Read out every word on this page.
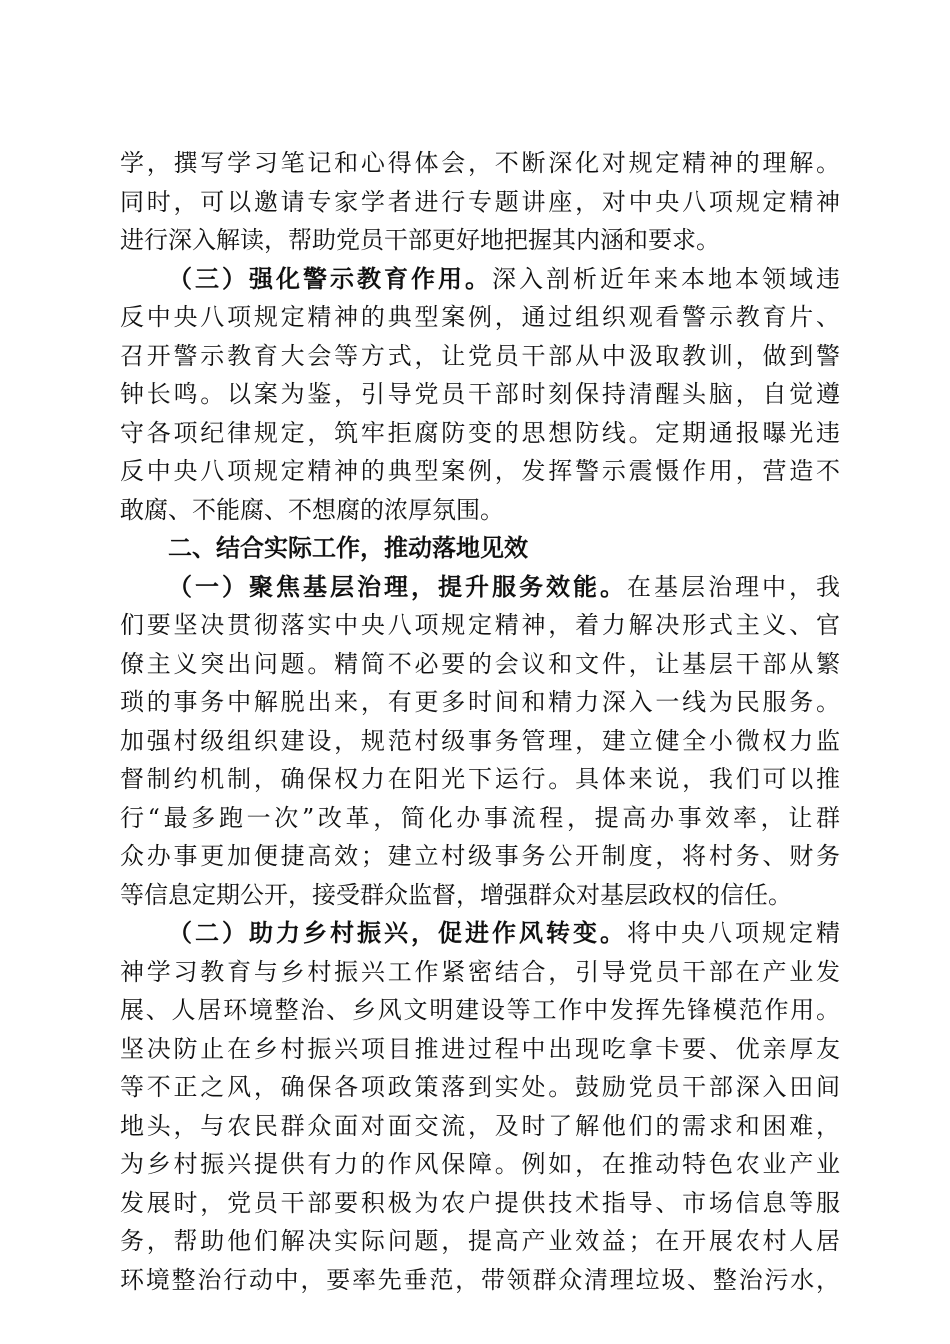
学，撰写学习笔记和心得体会，不断深化对规定精神的理解。
同时，可以邀请专家学者进行专题讲座，对中央八项规定精神
进行深入解读，帮助党员干部更好地把握其内涵和要求。
（三）强化警示教育作用。深入剖析近年来本地本领域违
反中央八项规定精神的典型案例，通过组织观看警示教育片、
召开警示教育大会等方式，让党员干部从中汲取教训，做到警
钟长鸣。以案为鉴，引导党员干部时刻保持清醒头脑，自觉遵
守各项纪律规定，筑牢拒腐防变的思想防线。定期通报曝光违
反中央八项规定精神的典型案例，发挥警示震慑作用，营造不
敢腐、不能腐、不想腐的浓厚氛围。
二、结合实际工作，推动落地见效
（一）聚焦基层治理，提升服务效能。在基层治理中，我
们要坚决贯彻落实中央八项规定精神，着力解决形式主义、官
僚主义突出问题。精简不必要的会议和文件，让基层干部从繁
琐的事务中解脱出来，有更多时间和精力深入一线为民服务。
加强村级组织建设，规范村级事务管理，建立健全小微权力监
督制约机制，确保权力在阳光下运行。具体来说，我们可以推
行“最多跑一次”改革，简化办事流程，提高办事效率，让群
众办事更加便捷高效；建立村级事务公开制度，将村务、财务
等信息定期公开，接受群众监督，增强群众对基层政权的信任。
（二）助力乡村振兴，促进作风转变。将中央八项规定精
神学习教育与乡村振兴工作紧密结合，引导党员干部在产业发
展、人居环境整治、乡风文明建设等工作中发挥先锋模范作用。
坚决防止在乡村振兴项目推进过程中出现吃拿卡要、优亲厚友
等不正之风，确保各项政策落到实处。鼓励党员干部深入田间
地头，与农民群众面对面交流，及时了解他们的需求和困难，
为乡村振兴提供有力的作风保障。例如，在推动特色农业产业
发展时，党员干部要积极为农户提供技术指导、市场信息等服
务，帮助他们解决实际问题，提高产业效益；在开展农村人居
环境整治行动中，要率先垂范，带领群众清理垃圾、整治污水，
